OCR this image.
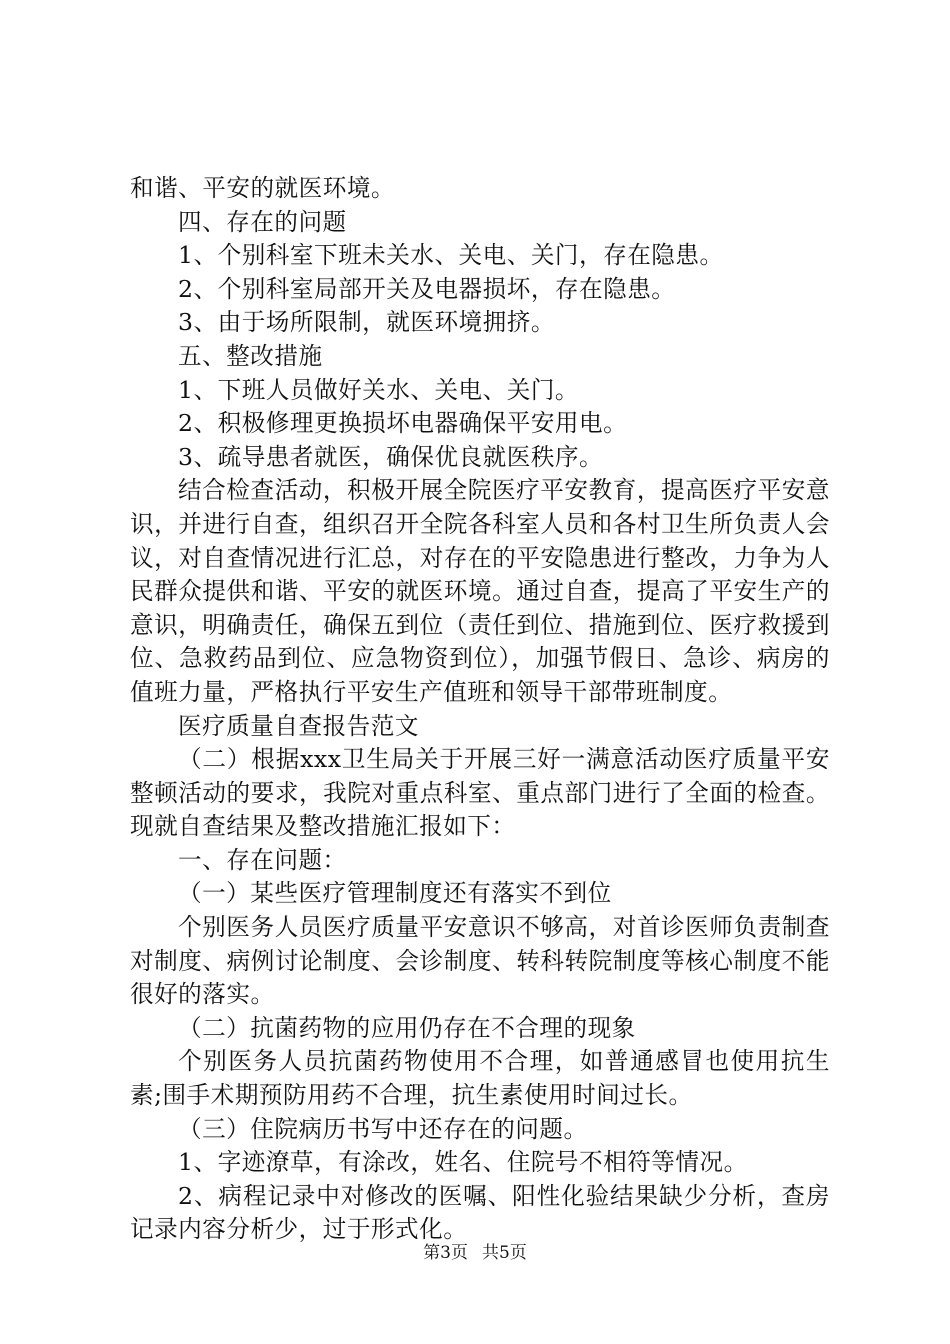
和谐、平安的就医环境。

四、存在的问题

1、个别科室下班未关水、关电、关门，存在隐患。

2、个别科室局部开关及电器损坏，存在隐患。

3、由于场所限制，就医环境拥挤。

五、整改措施

1、下班人员做好关水、关电、关门。

2、积极修理更换损坏电器确保平安用电。

3、疏导患者就医，确保优良就医秩序。

结合检查活动，积极开展全院医疗平安教育，提高医疗平安意识，并进行自查，组织召开全院各科室人员和各村卫生所负责人会议，对自查情况进行汇总，对存在的平安隐患进行整改，力争为人民群众提供和谐、平安的就医环境。通过自查，提高了平安生产的意识，明确责任，确保五到位（责任到位、措施到位、医疗救援到位、急救药品到位、应急物资到位），加强节假日、急诊、病房的值班力量，严格执行平安生产值班和领导干部带班制度。

医疗质量自查报告范文

（二）根据xxx卫生局关于开展三好一满意活动医疗质量平安整顿活动的要求，我院对重点科室、重点部门进行了全面的检查。现就自查结果及整改措施汇报如下：

一、存在问题：

（一）某些医疗管理制度还有落实不到位

个别医务人员医疗质量平安意识不够高，对首诊医师负责制查对制度、病例讨论制度、会诊制度、转科转院制度等核心制度不能很好的落实。

（二）抗菌药物的应用仍存在不合理的现象

个别医务人员抗菌药物使用不合理，如普通感冒也使用抗生素;围手术期预防用药不合理，抗生素使用时间过长。

（三）住院病历书写中还存在的问题。

1、字迹潦草，有涂改，姓名、住院号不相符等情况。

2、病程记录中对修改的医嘱、阳性化验结果缺少分析，查房记录内容分析少，过于形式化。

第3页 共5页
